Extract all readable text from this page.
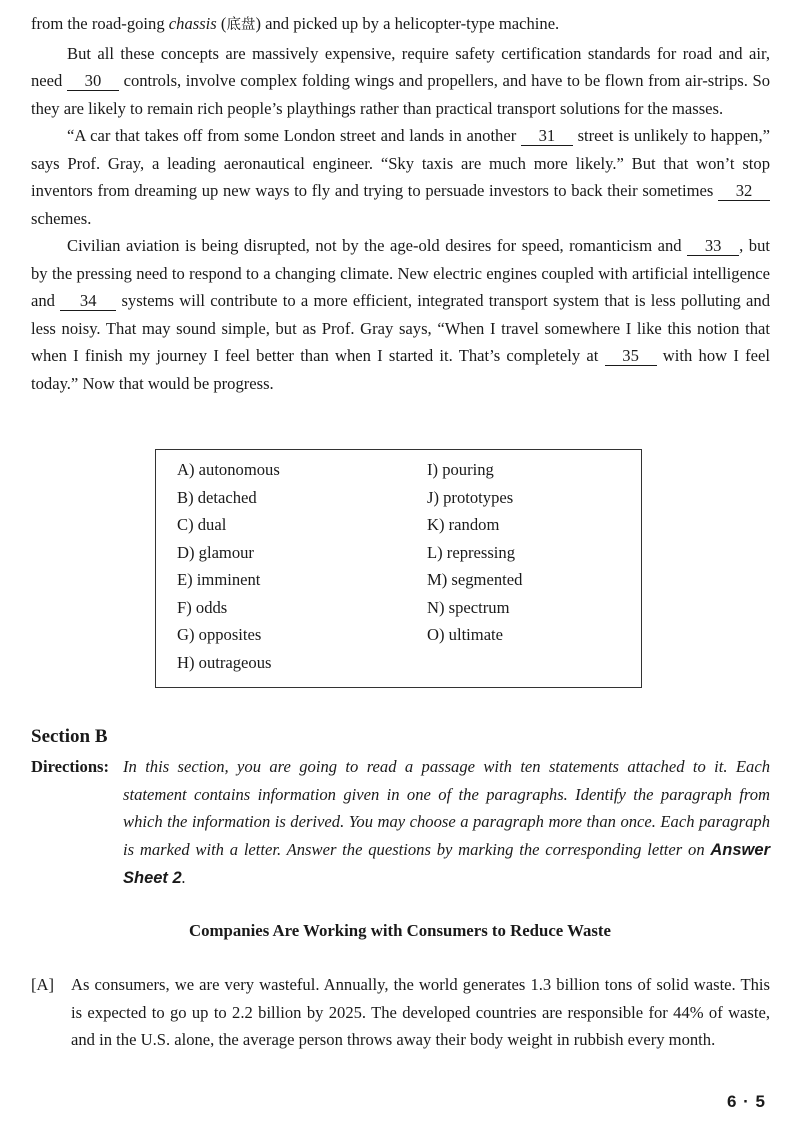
from the road-going chassis (底盘) and picked up by a helicopter-type machine.

But all these concepts are massively expensive, require safety certification standards for road and air, need 30 controls, involve complex folding wings and propellers, and have to be flown from air-strips. So they are likely to remain rich people’s playthings rather than practical transport solutions for the masses.

“A car that takes off from some London street and lands in another 31 street is unlikely to happen,” says Prof. Gray, a leading aeronautical engineer. “Sky taxis are much more likely.” But that won’t stop inventors from dreaming up new ways to fly and trying to persuade investors to back their sometimes 32 schemes.

Civilian aviation is being disrupted, not by the age-old desires for speed, romanticism and 33 , but by the pressing need to respond to a changing climate. New electric engines coupled with artificial intelligence and 34 systems will contribute to a more efficient, integrated transport system that is less polluting and less noisy. That may sound simple, but as Prof. Gray says, “When I travel somewhere I like this notion that when I finish my journey I feel better than when I started it. That’s completely at 35 with how I feel today.” Now that would be progress.

A) autonomous
B) detached
C) dual
D) glamour
E) imminent
F) odds
G) opposites
H) outrageous
I) pouring
J) prototypes
K) random
L) repressing
M) segmented
N) spectrum
O) ultimate
Section B
Directions: In this section, you are going to read a passage with ten statements attached to it. Each statement contains information given in one of the paragraphs. Identify the paragraph from which the information is derived. You may choose a paragraph more than once. Each paragraph is marked with a letter. Answer the questions by marking the corresponding letter on Answer Sheet 2.
Companies Are Working with Consumers to Reduce Waste
[A] As consumers, we are very wasteful. Annually, the world generates 1.3 billion tons of solid waste. This is expected to go up to 2.2 billion by 2025. The developed countries are responsible for 44% of waste, and in the U.S. alone, the average person throws away their body weight in rubbish every month.
6 · 5
